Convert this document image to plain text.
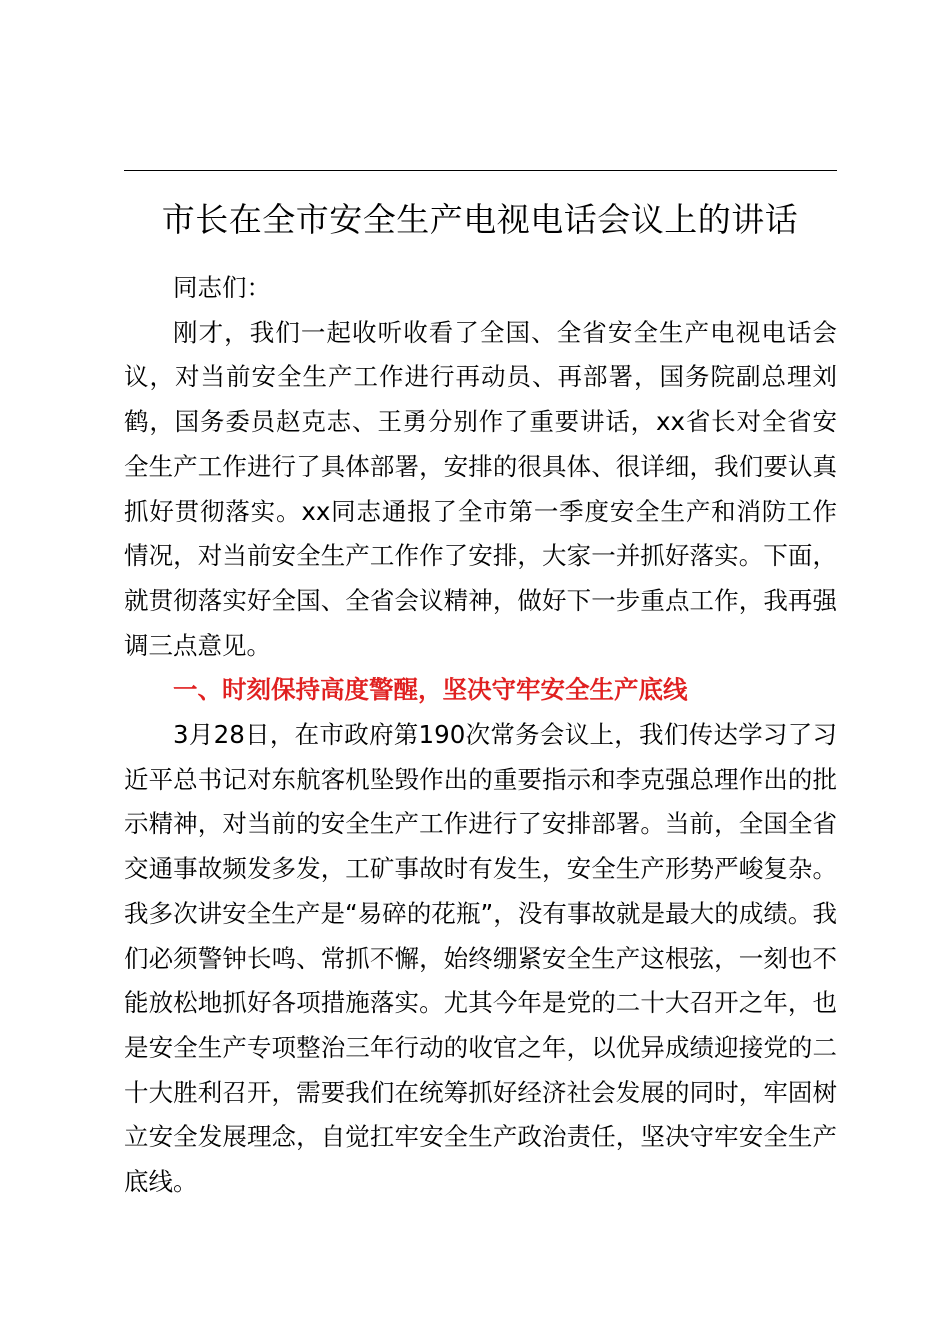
市长在全市安全生产电视电话会议上的讲话

同志们：

刚才，我们一起收听收看了全国、全省安全生产电视电话会议，对当前安全生产工作进行再动员、再部署，国务院副总理刘鹤，国务委员赵克志、王勇分别作了重要讲话，xx省长对全省安全生产工作进行了具体部署，安排的很具体、很详细，我们要认真抓好贯彻落实。xx同志通报了全市第一季度安全生产和消防工作情况，对当前安全生产工作作了安排，大家一并抓好落实。下面，就贯彻落实好全国、全省会议精神，做好下一步重点工作，我再强调三点意见。

一、时刻保持高度警醒，坚决守牢安全生产底线

3月28日，在市政府第190次常务会议上，我们传达学习了习近平总书记对东航客机坠毁作出的重要指示和李克强总理作出的批示精神，对当前的安全生产工作进行了安排部署。当前，全国全省交通事故频发多发，工矿事故时有发生，安全生产形势严峻复杂。我多次讲安全生产是“易碎的花瓶”，没有事故就是最大的成绩。我们必须警钟长鸣、常抓不懈，始终绷紧安全生产这根弦，一刻也不能放松地抓好各项措施落实。尤其今年是党的二十大召开之年，也是安全生产专项整治三年行动的收官之年，以优异成绩迎接党的二十大胜利召开，需要我们在统筹抓好经济社会发展的同时，牢固树立安全发展理念，自觉扛牢安全生产政治责任，坚决守牢安全生产底线。
